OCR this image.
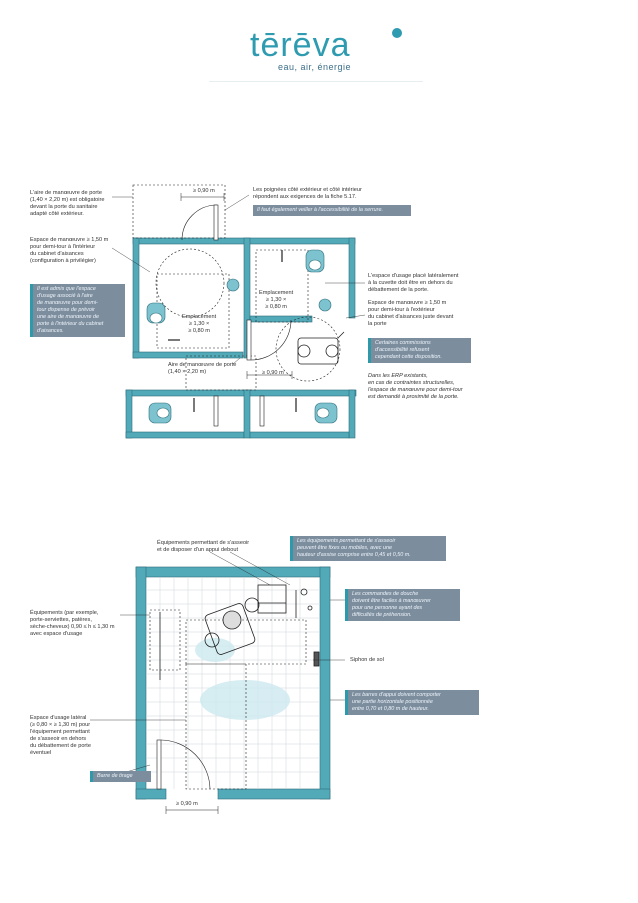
tērēva
eau, air, énergie
L'aire de manœuvre de porte
(1,40 × 2,20 m) est obligatoire
devant la porte du sanitaire
adapté côté extérieur.
≥ 0,90 m	Les poignées côté extérieur et côté intérieur
répondent aux exigences de la fiche 5.17.
Il faut également veiller à l'accessibilité de la serrure.
Espace de manœuvre ≥ 1,50 m
pour demi-tour à l'intérieur
du cabinet d'aisances
(configuration à privilégier)
Il est admis que l'espace
d'usage associé à l'aire
de manœuvre pour demi-
tour dispense de prévoir
une aire de manœuvre de
porte à l'intérieur du cabinet
d'aisances.
Emplacement
≥ 1,30 ×
≥ 0,80 m
Emplacement
≥ 1,30 ×
≥ 0,80 m
Aire de manœuvre de porte
(1,40 × 2,20 m)	≥ 0,90 m
L'espace d'usage placé latéralement
à la cuvette doit être en dehors du
débattement de la porte.
Espace de manœuvre ≥ 1,50 m
pour demi-tour à l'extérieur
du cabinet d'aisances juste devant
la porte
Certaines commissions
d'accessibilité refusent
cependant cette disposition.
Dans les ERP existants,
en cas de contraintes structurelles,
l'espace de manœuvre pour demi-tour
est demandé à proximité de la porte.
Équipements permettant de s'asseoir
et de disposer d'un appui debout
Les équipements permettant de s'asseoir
peuvent être fixes ou mobiles, avec une
hauteur d'assise comprise entre 0,45 et 0,50 m.
Les commandes de douche
doivent être faciles à manœuvrer
pour une personne ayant des
difficultés de préhension.
Équipements (par exemple,
porte-serviettes, patères,
sèche-cheveux) 0,90 ≤ h ≤ 1,30 m
avec espace d'usage
Siphon de sol
Les barres d'appui doivent comporter
une partie horizontale positionnée
entre 0,70 et 0,80 m de hauteur.
Espace d'usage latéral
(≥ 0,80 × ≥ 1,30 m) pour
l'équipement permettant
de s'asseoir en dehors
du débattement de porte
éventuel
Barre de tirage
≥ 0,90 m
